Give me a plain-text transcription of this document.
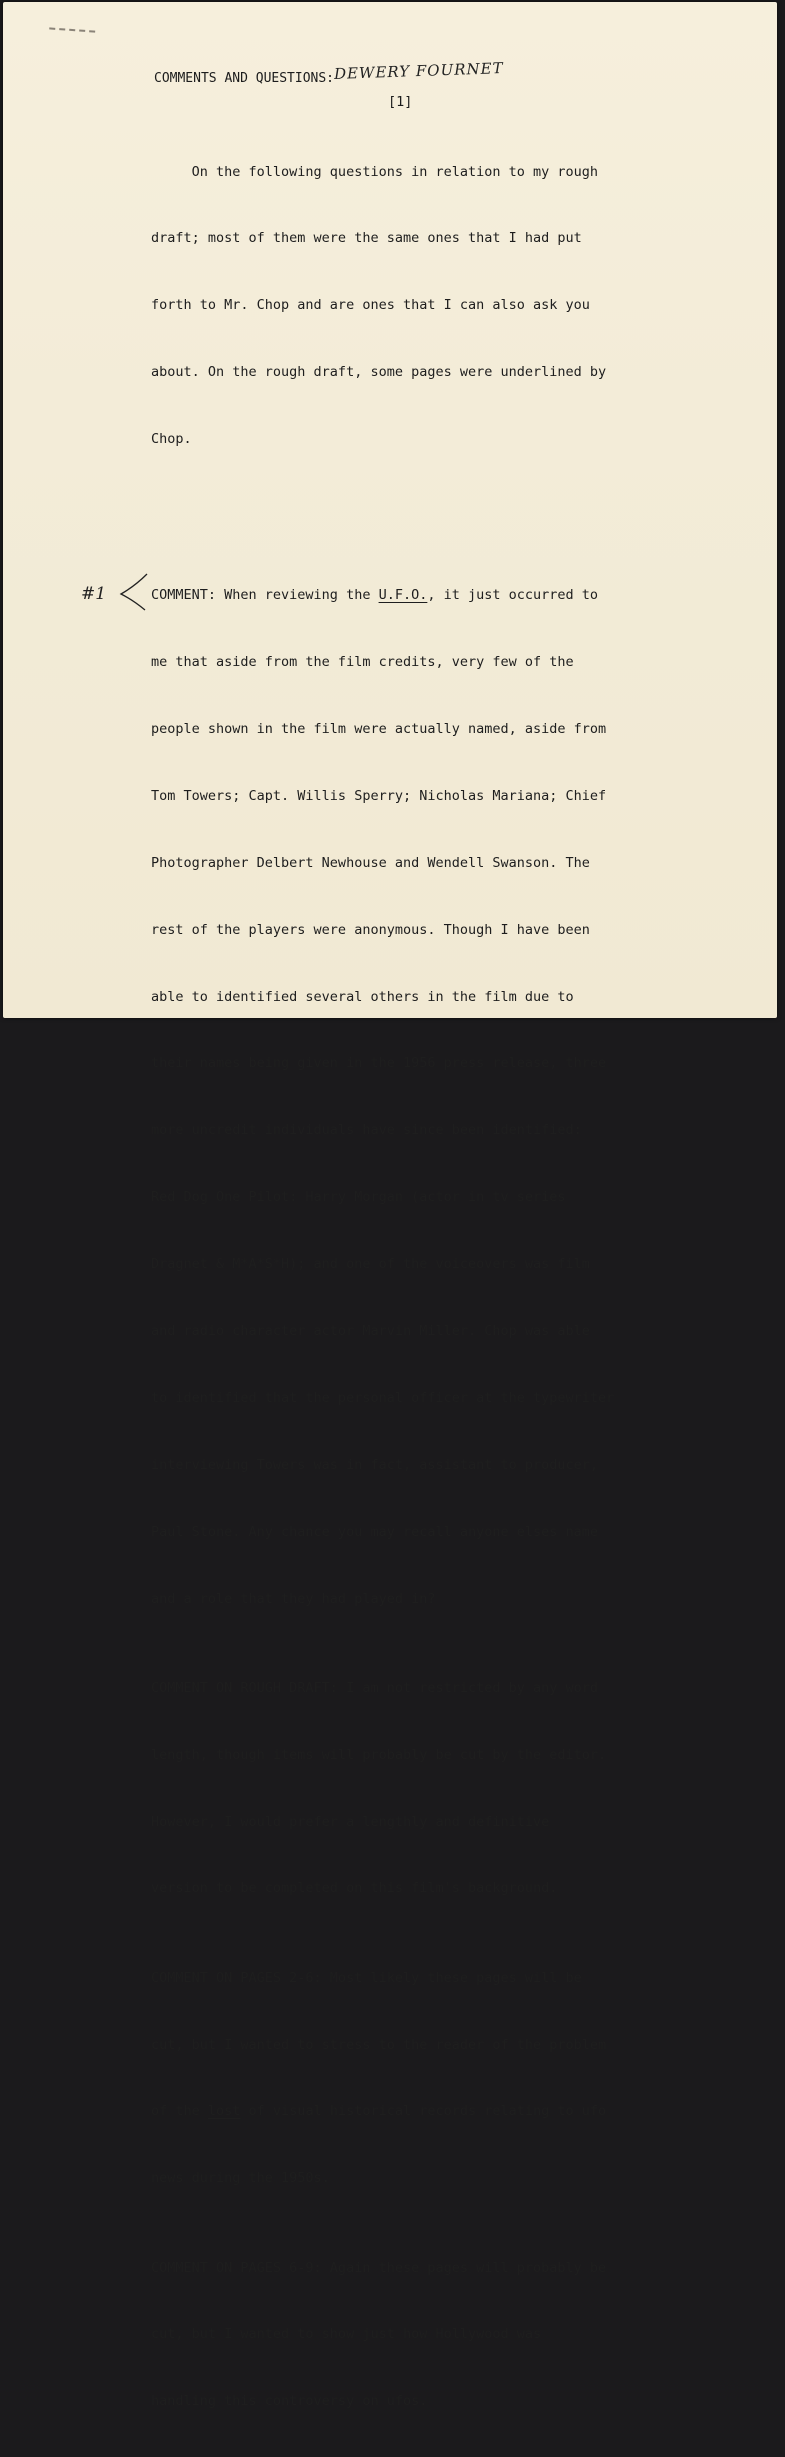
COMMENTS AND QUESTIONS:DEWERY FOURNET
[1]
#1

On the following questions in relation to my rough

draft; most of them were the same ones that I had put

forth to Mr. Chop and are ones that I can also ask you

about. On the rough draft, some pages were underlined by

Chop.

COMMENT: When reviewing the U.F.O., it just occurred to

me that aside from the film credits, very few of the

people shown in the film were actually named, aside from

Tom Towers; Capt. Willis Sperry; Nicholas Mariana; Chief

Photographer Delbert Newhouse and Wendell Swanson. The

rest of the players were anonymous. Though I have been

able to identified several others in the film due to

their names being given in the 1956 press release, three

more uncredit individuals have since been identified:

Red Dog One Pilot: Harry Morgan (actor in tv series

Dragnet & M*A*S*H); and one of the voiceovers was film

and radio character actor Marvin Miller. Chop was able

to identified that the personal officer at the typewriter

interviewing Towers was in fact, assistant to producer,

Paul Stone. Any chance you may recall anyone elses name

and a role that they had played in?

COMMENT ON ROUGH DRAFT: I am not restricted by any word

length, though items will probably be cut by the editor.

However, I would prefer a lengthly and definitive

version to be completed on this film's background.

COMMENT ON PAGES 2-6: Most likely these pages will be

cut, but I wanted to stress to the reader of the problem

of the lost of visual historical records relating to ufo

news during the 1950s.

COMMENT ON PAGES 6-9: Again these pages will probably be

cut, but I wanted to show just how Hollywood was

handling this controversy on ufos.
